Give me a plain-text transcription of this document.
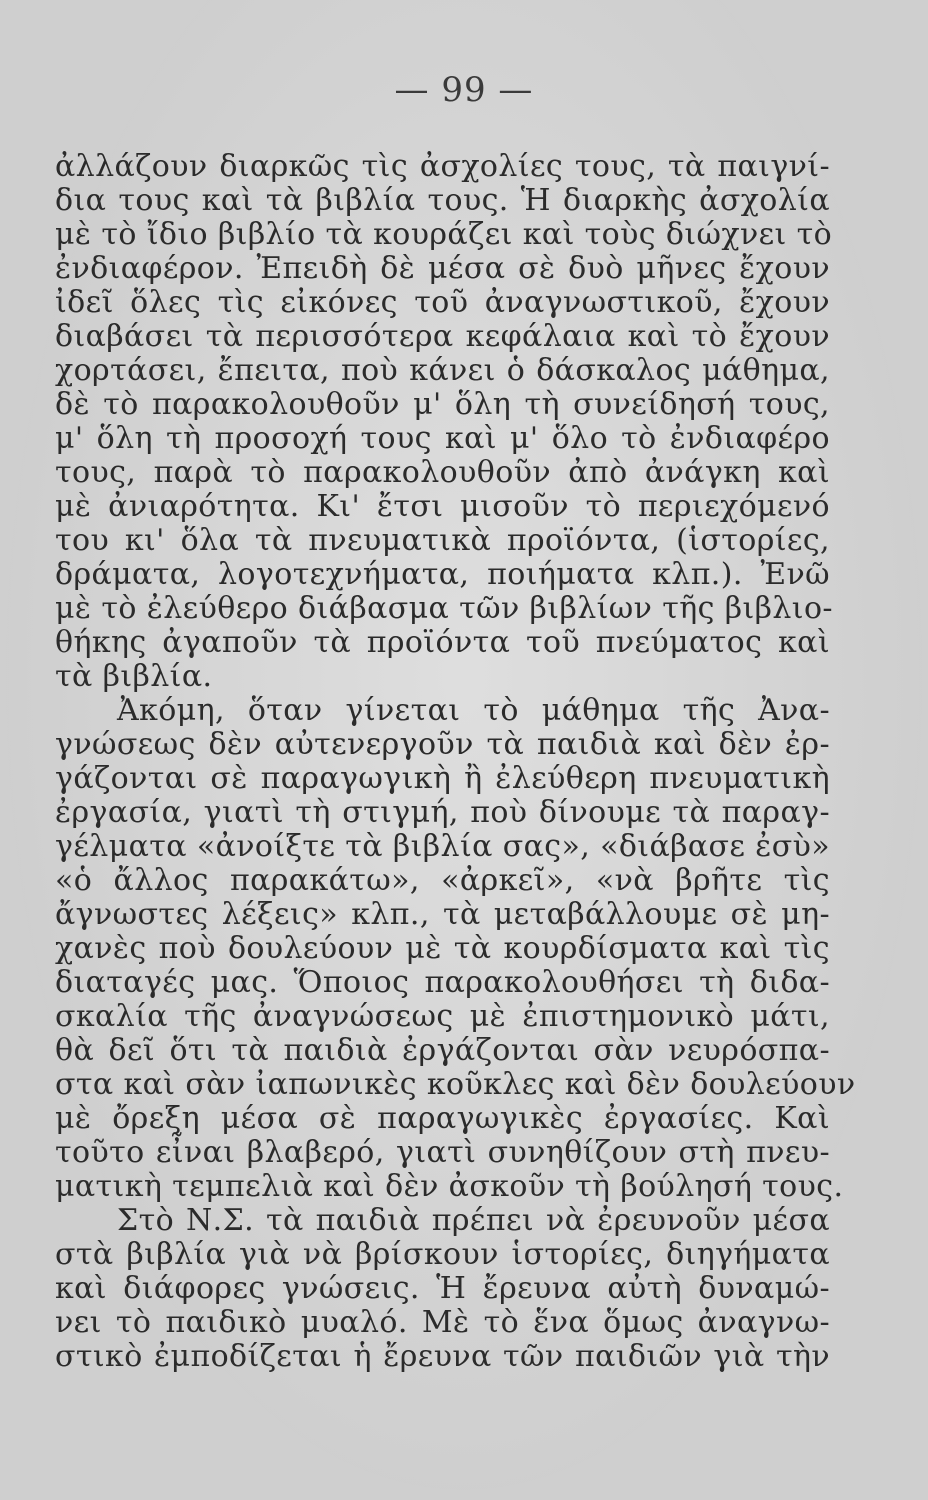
— 99 —
ἀλλάζουν διαρκῶς τὶς ἀσχολίες τους, τὰ παιγνί-
δια τους καὶ τὰ βιβλία τους. Ἡ διαρκὴς ἀσχολία
μὲ τὸ ἴδιο βιβλίο τὰ κουράζει καὶ τοὺς διώχνει τὸ
ἐνδιαφέρον. Ἐπειδὴ δὲ μέσα σὲ δυὸ μῆνες ἔχουν
ἰδεῖ ὅλες τὶς εἰκόνες τοῦ ἀναγνωστικοῦ, ἔχουν
διαβάσει τὰ περισσότερα κεφάλαια καὶ τὸ ἔχουν
χορτάσει, ἔπειτα, ποὺ κάνει ὁ δάσκαλος μάθημα,
δὲ τὸ παρακολουθοῦν μ' ὅλη τὴ συνείδησή τους,
μ' ὅλη τὴ προσοχή τους καὶ μ' ὅλο τὸ ἐνδιαφέρο
τους, παρὰ τὸ παρακολουθοῦν ἀπὸ ἀνάγκη καὶ
μὲ ἀνιαρότητα. Κι' ἔτσι μισοῦν τὸ περιεχόμενό
του κι' ὅλα τὰ πνευματικὰ προϊόντα, (ἱστορίες,
δράματα, λογοτεχνήματα, ποιήματα κλπ.). Ἐνῶ
μὲ τὸ ἐλεύθερο διάβασμα τῶν βιβλίων τῆς βιβλιο-
θήκης ἀγαποῦν τὰ προϊόντα τοῦ πνεύματος καὶ
τὰ βιβλία.
Ἀκόμη, ὅταν γίνεται τὸ μάθημα τῆς Ἀνα-
γνώσεως δὲν αὐτενεργοῦν τὰ παιδιὰ καὶ δὲν ἐρ-
γάζονται σὲ παραγωγικὴ ἢ ἐλεύθερη πνευματικὴ
ἐργασία, γιατὶ τὴ στιγμή, ποὺ δίνουμε τὰ παραγ-
γέλματα «ἀνοίξτε τὰ βιβλία σας», «διάβασε ἐσὺ»
«ὁ ἄλλος παρακάτω», «ἀρκεῖ», «νὰ βρῆτε τὶς
ἄγνωστες λέξεις» κλπ., τὰ μεταβάλλουμε σὲ μη-
χανὲς ποὺ δουλεύουν μὲ τὰ κουρδίσματα καὶ τὶς
διαταγές μας. Ὅποιος παρακολουθήσει τὴ διδα-
σκαλία τῆς ἀναγνώσεως μὲ ἐπιστημονικὸ μάτι,
θὰ δεῖ ὅτι τὰ παιδιὰ ἐργάζονται σὰν νευρόσπα-
στα καὶ σὰν ἰαπωνικὲς κοῦκλες καὶ δὲν δουλεύουν
μὲ ὄρεξη μέσα σὲ παραγωγικὲς ἐργασίες. Καὶ
τοῦτο εἶναι βλαβερό, γιατὶ συνηθίζουν στὴ πνευ-
ματικὴ τεμπελιὰ καὶ δὲν ἀσκοῦν τὴ βούλησή τους.
Στὸ Ν.Σ. τὰ παιδιὰ πρέπει νὰ ἐρευνοῦν μέσα
στὰ βιβλία γιὰ νὰ βρίσκουν ἱστορίες, διηγήματα
καὶ διάφορες γνώσεις. Ἡ ἔρευνα αὐτὴ δυναμώ-
νει τὸ παιδικὸ μυαλό. Μὲ τὸ ἕνα ὅμως ἀναγνω-
στικὸ ἐμποδίζεται ἡ ἔρευνα τῶν παιδιῶν γιὰ τὴν
